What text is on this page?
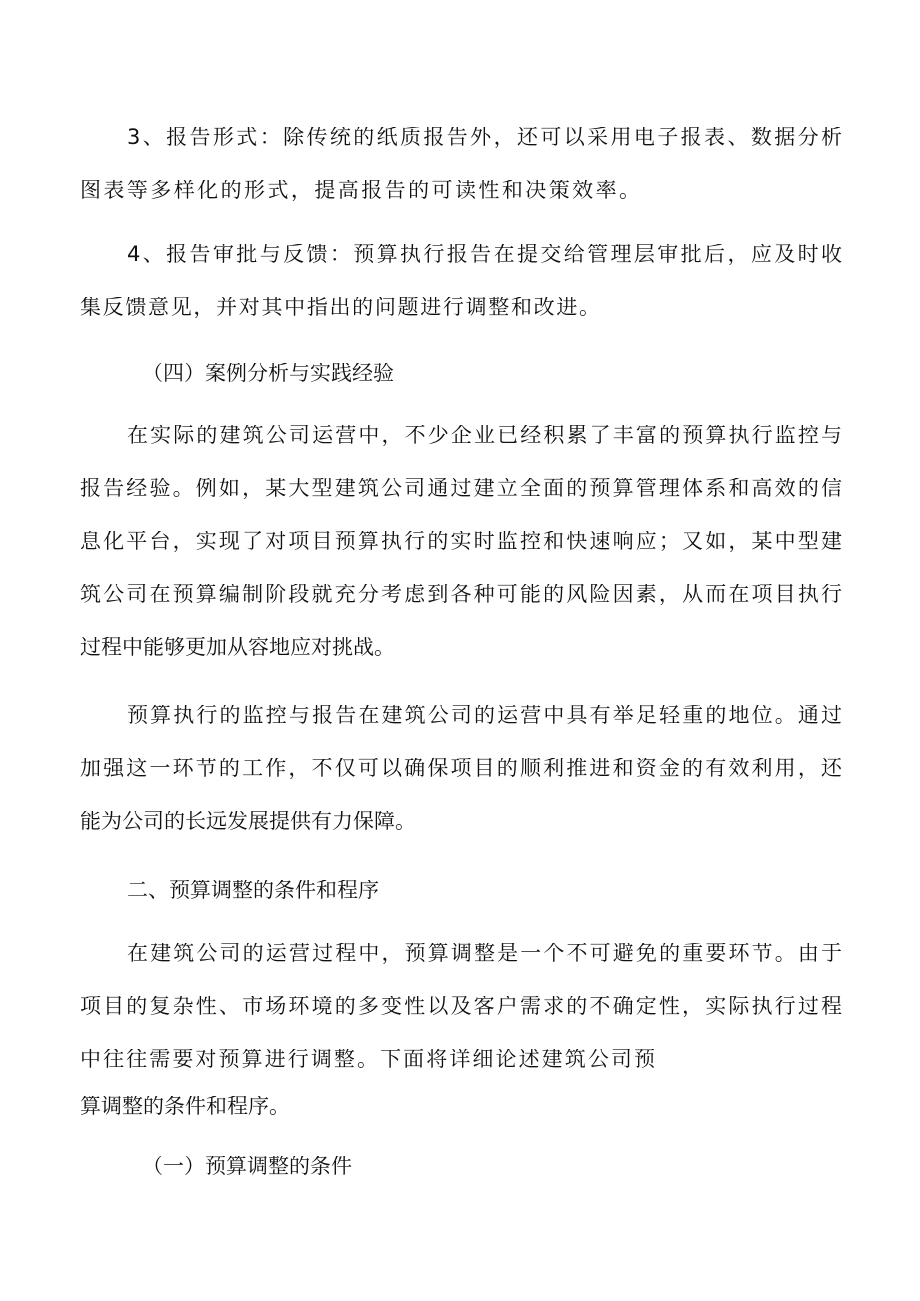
3、报告形式：除传统的纸质报告外，还可以采用电子报表、数据分析
图表等多样化的形式，提高报告的可读性和决策效率。
4、报告审批与反馈：预算执行报告在提交给管理层审批后，应及时收
集反馈意见，并对其中指出的问题进行调整和改进。
（四）案例分析与实践经验
在实际的建筑公司运营中，不少企业已经积累了丰富的预算执行监控与
报告经验。例如，某大型建筑公司通过建立全面的预算管理体系和高效的信
息化平台，实现了对项目预算执行的实时监控和快速响应；又如，某中型建
筑公司在预算编制阶段就充分考虑到各种可能的风险因素，从而在项目执行
过程中能够更加从容地应对挑战。
预算执行的监控与报告在建筑公司的运营中具有举足轻重的地位。通过
加强这一环节的工作，不仅可以确保项目的顺利推进和资金的有效利用，还
能为公司的长远发展提供有力保障。
二、预算调整的条件和程序
在建筑公司的运营过程中，预算调整是一个不可避免的重要环节。由于
项目的复杂性、市场环境的多变性以及客户需求的不确定性，实际执行过程
中往往需要对预算进行调整。下面将详细论述建筑公司预
算调整的条件和程序。
（一）预算调整的条件
